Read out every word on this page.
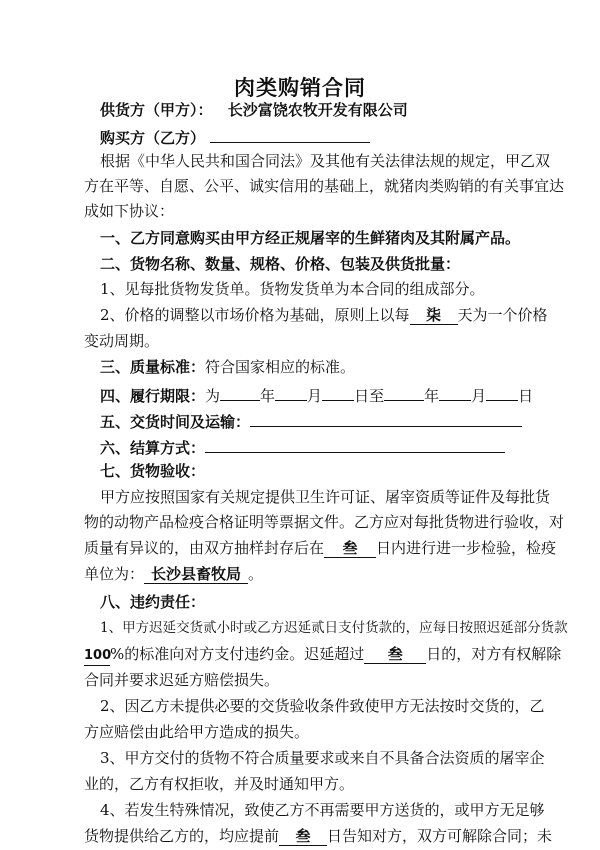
肉类购销合同
供货方（甲方）： 长沙富饶农牧开发有限公司
购买方（乙方）
根据《中华人民共和国合同法》及其他有关法律法规的规定，甲乙双
方在平等、自愿、公平、诚实信用的基础上，就猪肉类购销的有关事宜达
成如下协议：
一、乙方同意购买由甲方经正规屠宰的生鲜猪肉及其附属产品。
二、货物名称、数量、规格、价格、包装及供货批量：
1、见每批货物发货单。货物发货单为本合同的组成部分。
2、价格的调整以市场价格为基础，原则上以每 柒 天为一个价格
变动周期。
三、质量标准：符合国家相应的标准。
四、履行期限：为	年 月 日至	年 月 日
五、交货时间及运输：
六、结算方式：
七、货物验收：
甲方应按照国家有关规定提供卫生许可证、屠宰资质等证件及每批货
物的动物产品检疫合格证明等票据文件。乙方应对每批货物进行验收，对
质量有异议的，由双方抽样封存后在 叁 日内进行进一步检验，检疫
单位为： 长沙县畜牧局 。
八、违约责任：
1、甲方迟延交货贰小时或乙方迟延贰日支付货款的，应每日按照迟延部分货款
100%的标准向对方支付违约金。迟延超过 叁 日的，对方有权解除
合同并要求迟延方赔偿损失。
2、因乙方未提供必要的交货验收条件致使甲方无法按时交货的，乙
方应赔偿由此给甲方造成的损失。
3、甲方交付的货物不符合质量要求或来自不具备合法资质的屠宰企
业的，乙方有权拒收，并及时通知甲方。
4、若发生特殊情况，致使乙方不再需要甲方送货的，或甲方无足够
货物提供给乙方的，均应提前 叁 日告知对方，双方可解除合同；未
